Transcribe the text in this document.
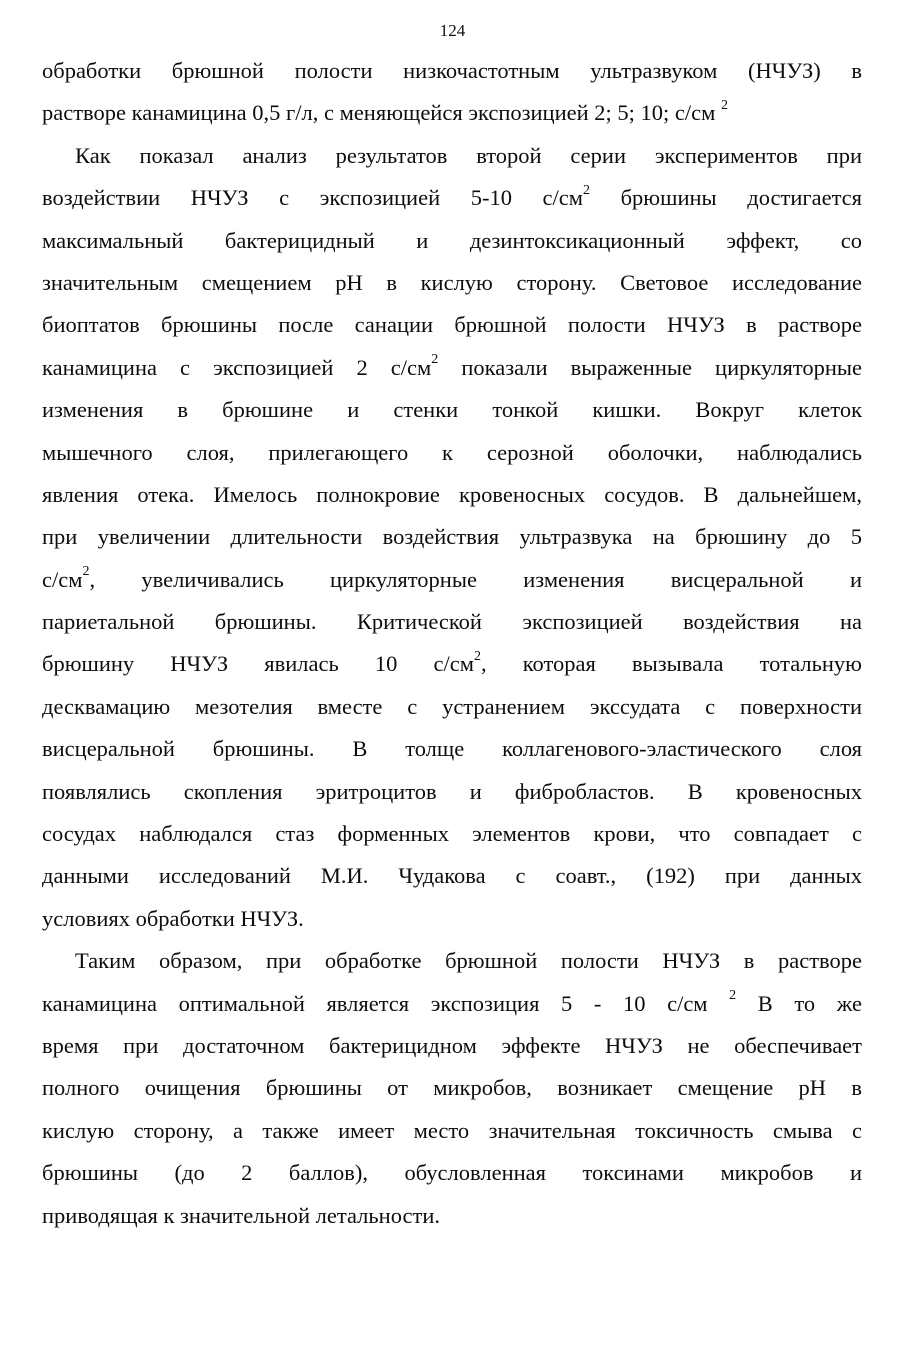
124
обработки брюшной полости низкочастотным ультразвуком (НЧУЗ) в
растворе канамицина 0,5 г/л, с меняющейся экспозицией 2; 5; 10; с/см $^2$
Как показал анализ результатов второй серии экспериментов при
воздействии НЧУЗ с экспозицией 5-10 $с/см^2$ брюшины достигается
максимальный бактерицидный и дезинтоксикационный эффект, со
значительным смещением pH в кислую сторону. Световое исследование
биоптатов брюшины после санации брюшной полости НЧУЗ в растворе
канамицина с экспозицией 2 $с/см^2$ показали выраженные циркуляторные
изменения в брюшине и стенки тонкой кишки. Вокруг клеток
мышечного слоя, прилегающего к серозной оболочки, наблюдались
явления отека. Имелось полнокровие кровеносных сосудов. В дальнейшем,
при увеличении длительности воздействия ультразвука на брюшину до 5
$с/см^2$, увеличивались циркуляторные изменения висцеральной и
париетальной брюшины. Критической экспозицией воздействия на
брюшину НЧУЗ явилась 10 $с/см^2$, которая вызывала тотальную
десквамацию мезотелия вместе с устранением экссудата с поверхности
висцеральной брюшины. В толще коллагенового-эластического слоя
появлялись скопления эритроцитов и фибробластов. В кровеносных
сосудах наблюдался стаз форменных элементов крови, что совпадает с
данными исследований М.И. Чудакова с соавт., (192) при данных
условиях обработки НЧУЗ.
Таким образом, при обработке брюшной полости НЧУЗ в растворе
канамицина оптимальной является экспозиция 5 - 10 с/см $^2$ В то же
время при достаточном бактерицидном эффекте НЧУЗ не обеспечивает
полного очищения брюшины от микробов, возникает смещение pH в
кислую сторону, а также имеет место значительная токсичность смыва с
брюшины (до 2 баллов), обусловленная токсинами микробов и
приводящая к значительной летальности.
